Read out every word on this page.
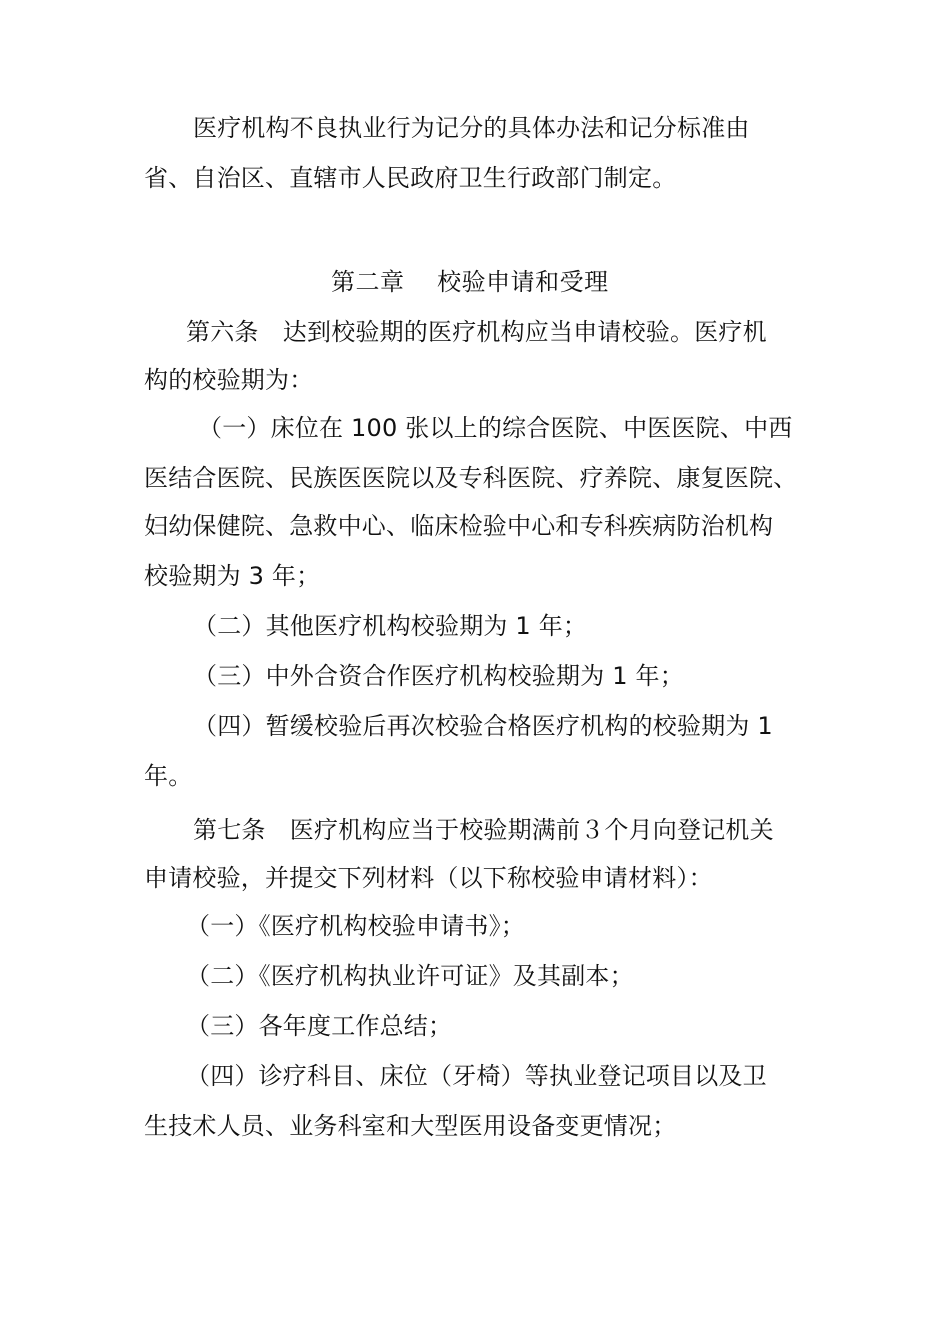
医疗机构不良执业行为记分的具体办法和记分标准由
省、自治区、直辖市人民政府卫生行政部门制定。
第二章　 校验申请和受理
第六条　达到校验期的医疗机构应当申请校验。医疗机
构的校验期为：
（一）床位在 100 张以上的综合医院、中医医院、中西
医结合医院、民族医医院以及专科医院、疗养院、康复医院、
妇幼保健院、急救中心、临床检验中心和专科疾病防治机构
校验期为 3 年；
（二）其他医疗机构校验期为 1 年；
（三）中外合资合作医疗机构校验期为 1 年；
（四）暂缓校验后再次校验合格医疗机构的校验期为 1
年。
第七条　医疗机构应当于校验期满前３个月向登记机关
申请校验，并提交下列材料（以下称校验申请材料）：
（一）《医疗机构校验申请书》；
（二）《医疗机构执业许可证》及其副本；
（三）各年度工作总结；
（四）诊疗科目、床位（牙椅）等执业登记项目以及卫
生技术人员、业务科室和大型医用设备变更情况；
